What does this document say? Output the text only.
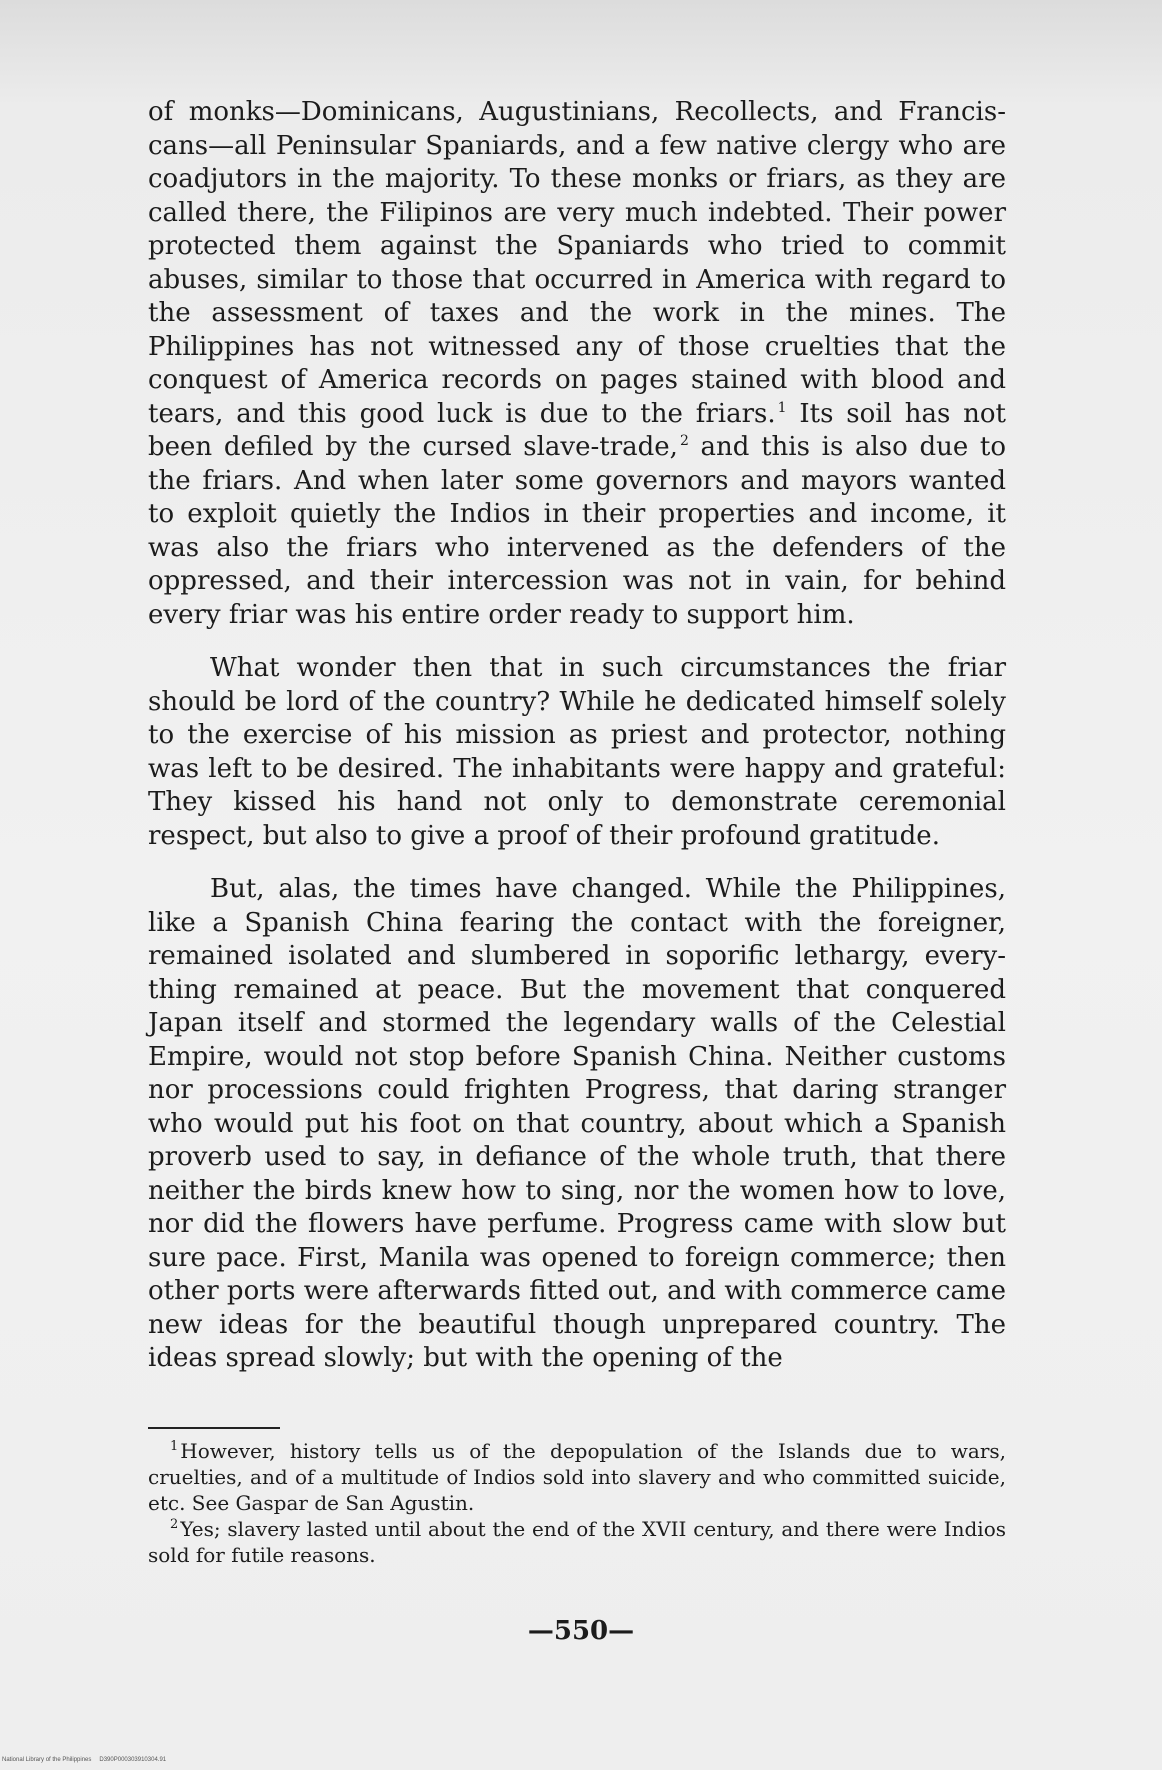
of monks—Dominicans, Augustinians, Recollects, and Franciscans—all Peninsular Spaniards, and a few native clergy who are coadjutors in the majority. To these monks or friars, as they are called there, the Filipinos are very much indebted. Their power protected them against the Spaniards who tried to commit abuses, similar to those that occurred in America with regard to the assessment of taxes and the work in the mines. The Philippines has not witnessed any of those cruelties that the conquest of America records on pages stained with blood and tears, and this good luck is due to the friars. $^1$ Its soil has not been defiled by the cursed slave-trade, $^2$ and this is also due to the friars. And when later some governors and mayors wanted to exploit quietly the Indios in their properties and income, it was also the friars who intervened as the defenders of the oppressed, and their intercession was not in vain, for behind every friar was his entire order ready to support him.

What wonder then that in such circumstances the friar should be lord of the country? While he dedicated himself solely to the exercise of his mission as priest and protector, nothing was left to be desired. The inhabitants were happy and grateful: They kissed his hand not only to demonstrate ceremonial respect, but also to give a proof of their profound gratitude.

But, alas, the times have changed. While the Philippines, like a Spanish China fearing the contact with the foreigner, remained isolated and slumbered in soporific lethargy, everything remained at peace. But the movement that conquered Japan itself and stormed the legendary walls of the Celestial Empire, would not stop before Spanish China. Neither customs nor processions could frighten Progress, that daring stranger who would put his foot on that country, about which a Spanish proverb used to say, in defiance of the whole truth, that there neither the birds knew how to sing, nor the women how to love, nor did the flowers have perfume. Progress came with slow but sure pace. First, Manila was opened to foreign commerce; then other ports were afterwards fitted out, and with commerce came new ideas for the beautiful though unprepared country. The ideas spread slowly; but with the opening of the

$^1$ However, history tells us of the depopulation of the Islands due to wars, cruelties, and of a multitude of Indios sold into slavery and who committed suicide, etc. See Gaspar de San Agustin.

$^2$ Yes; slavery lasted until about the end of the XVII century, and there were Indios sold for futile reasons.

—550—
National Library of the Philippines D390P000303910304.91
